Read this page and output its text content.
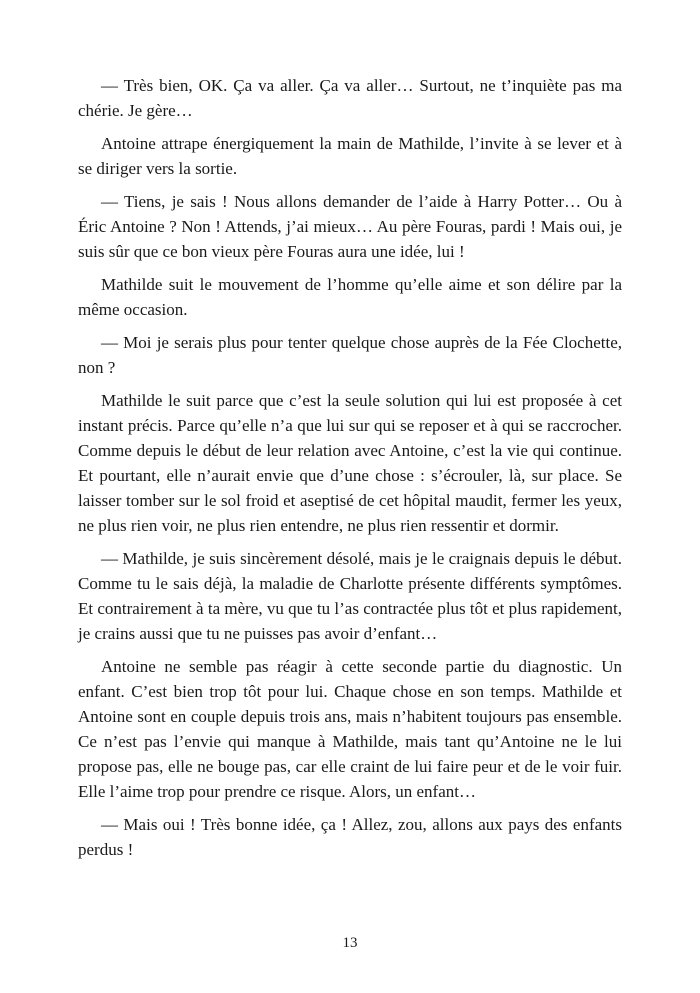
— Très bien, OK. Ça va aller. Ça va aller… Surtout, ne t’inquiète pas ma chérie. Je gère…

Antoine attrape énergiquement la main de Mathilde, l’invite à se lever et à se diriger vers la sortie.

— Tiens, je sais ! Nous allons demander de l’aide à Harry Potter… Ou à Éric Antoine ? Non ! Attends, j’ai mieux… Au père Fouras, pardi ! Mais oui, je suis sûr que ce bon vieux père Fouras aura une idée, lui !

Mathilde suit le mouvement de l’homme qu’elle aime et son délire par la même occasion.

— Moi je serais plus pour tenter quelque chose auprès de la Fée Clochette, non ?

Mathilde le suit parce que c’est la seule solution qui lui est proposée à cet instant précis. Parce qu’elle n’a que lui sur qui se reposer et à qui se raccrocher. Comme depuis le début de leur relation avec Antoine, c’est la vie qui continue. Et pourtant, elle n’aurait envie que d’une chose : s’écrouler, là, sur place. Se laisser tomber sur le sol froid et aseptisé de cet hôpital maudit, fermer les yeux, ne plus rien voir, ne plus rien entendre, ne plus rien ressentir et dormir.

— Mathilde, je suis sincèrement désolé, mais je le craignais depuis le début. Comme tu le sais déjà, la maladie de Charlotte présente différents symptômes. Et contrairement à ta mère, vu que tu l’as contractée plus tôt et plus rapidement, je crains aussi que tu ne puisses pas avoir d’enfant…

Antoine ne semble pas réagir à cette seconde partie du diagnostic. Un enfant. C’est bien trop tôt pour lui. Chaque chose en son temps. Mathilde et Antoine sont en couple depuis trois ans, mais n’habitent toujours pas ensemble. Ce n’est pas l’envie qui manque à Mathilde, mais tant qu’Antoine ne le lui propose pas, elle ne bouge pas, car elle craint de lui faire peur et de le voir fuir. Elle l’aime trop pour prendre ce risque. Alors, un enfant…

— Mais oui ! Très bonne idée, ça ! Allez, zou, allons aux pays des enfants perdus !

13
